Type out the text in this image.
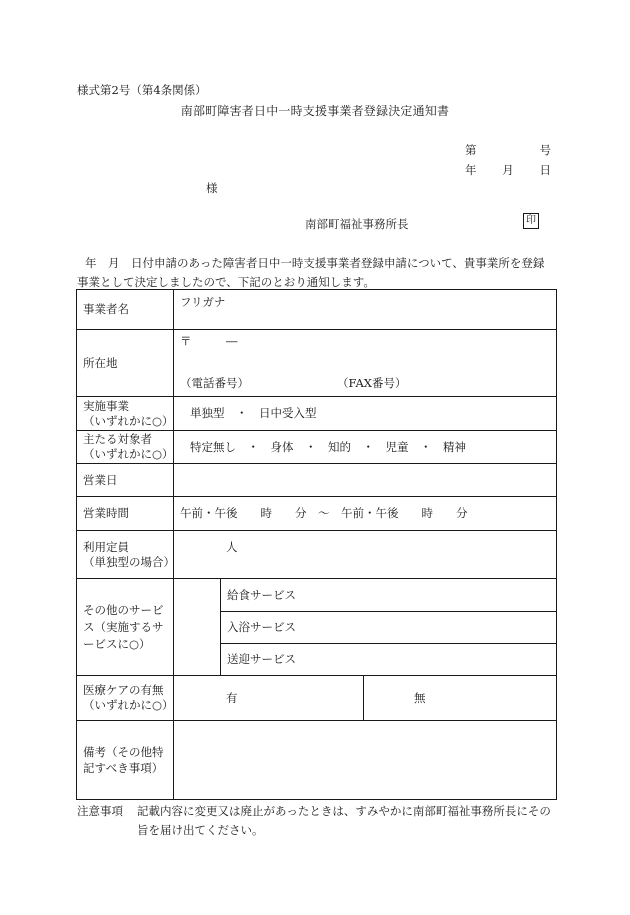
様式第2号（第4条関係）
南部町障害者日中一時支援事業者登録決定通知書
第	号
年 月 日
様
南部町福祉事務所長	印
年　月　日付申請のあった障害者日中一時支援事業者登録申請について、貴事業所を登録事業として決定しましたので、下記のとおり通知します。
事業者名	フリガナ		
所在地	〒　　　―
（電話番号） （FAX番号）		

実施事業
（いずれかに○）	単独型　・　日中受入型		

主たる対象者
（いずれかに○）	特定無し　・　身体　・　知的　・　児童　・　精神		
営業日			
営業時間	午前・午後　　時　　分　～　午前・午後　　時　　分		

利用定員
（単独型の場合）	人		
その他のサービス（実施するサービスに○）		給食サービス	
		入浴サービス	
		送迎サービス	

医療ケアの有無
（いずれかに○）	有		無
備考（その他特記すべき事項）			
注意事項 記載内容に変更又は廃止があったときは、すみやかに南部町福祉事務所長にその旨を届け出てください。
